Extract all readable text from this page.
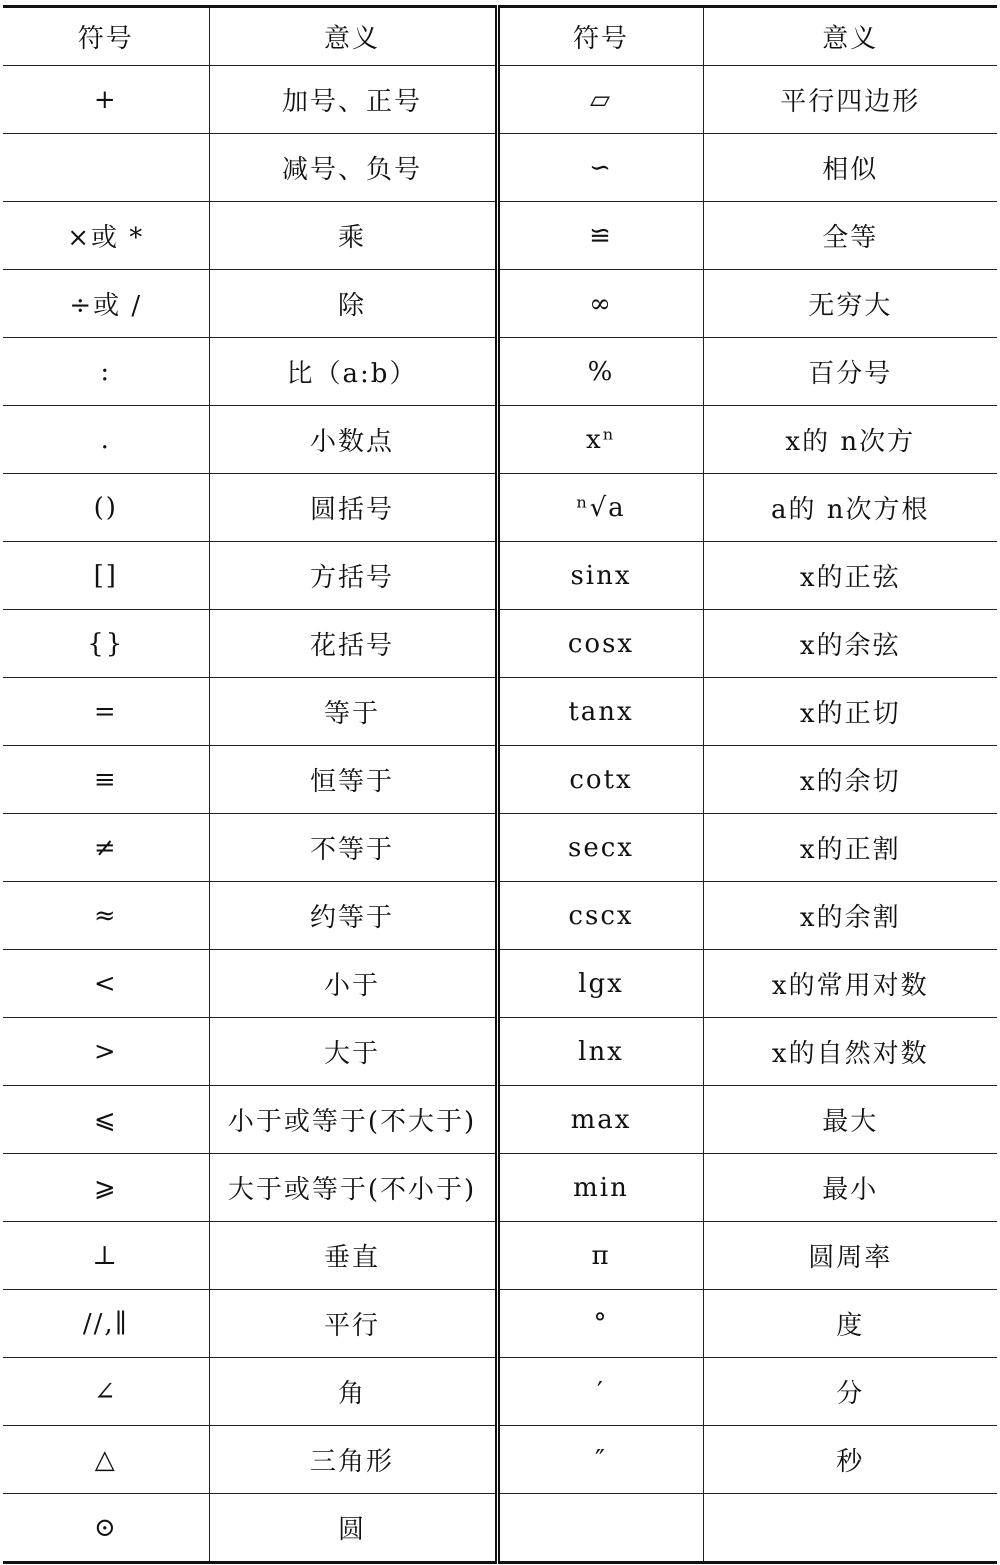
符号	意义	符号	意义
+	加号、正号	▱	平行四边形
	减号、负号	∽	相似
×或 *	乘	≌	全等
÷或 /	除	∞	无穷大
:	比（a:b）	%	百分号
.	小数点	xⁿ	x的 n次方
()	圆括号	ⁿ√a	a的 n次方根
[]	方括号	sinx	x的正弦
{}	花括号	cosx	x的余弦
=	等于	tanx	x的正切
≡	恒等于	cotx	x的余切
≠	不等于	secx	x的正割
≈	约等于	cscx	x的余割
<	小于	lgx	x的常用对数
>	大于	lnx	x的自然对数
⩽	小于或等于(不大于)	max	最大
⩾	大于或等于(不小于)	min	最小
⊥	垂直	π	圆周率
//,∥	平行	°	度
∠	角	′	分
△	三角形	″	秒
⊙	圆		
